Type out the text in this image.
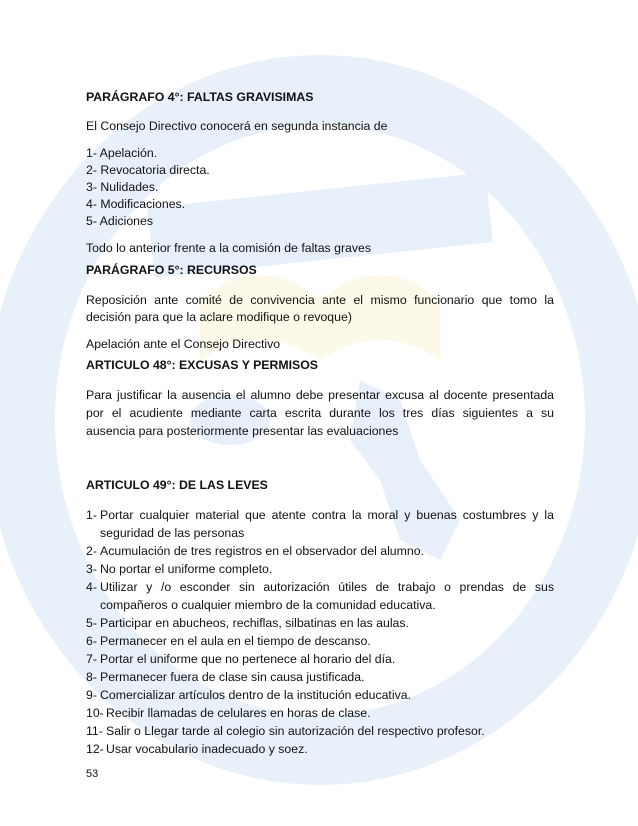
PARÁGRAFO 4°: FALTAS GRAVISIMAS
El Consejo Directivo conocerá en segunda instancia de
1- Apelación.
2- Revocatoria directa.
3- Nulidades.
4- Modificaciones.
5- Adiciones
Todo lo anterior frente a la comisión de faltas graves
PARÁGRAFO 5°: RECURSOS
Reposición ante comité de convivencia ante el mismo funcionario que tomo la
decisión para que la aclare modifique o revoque)
Apelación ante el Consejo Directivo
ARTICULO 48°: EXCUSAS Y PERMISOS
Para justificar la ausencia el alumno debe presentar excusa al docente presentada
por el acudiente mediante carta escrita durante los tres días siguientes a su
ausencia para posteriormente presentar las evaluaciones
ARTICULO 49°: DE LAS LEVES
1- Portar cualquier material que atente contra la moral y buenas costumbres y la
seguridad de las personas
2- Acumulación de tres registros en el observador del alumno.
3- No portar el uniforme completo.
4- Utilizar y /o esconder sin autorización útiles de trabajo o prendas de sus
compañeros o cualquier miembro de la comunidad educativa.
5- Participar en abucheos, rechiflas, silbatinas en las aulas.
6- Permanecer en el aula en el tiempo de descanso.
7- Portar el uniforme que no pertenece al horario del día.
8- Permanecer fuera de clase sin causa justificada.
9- Comercializar artículos dentro de la institución educativa.
10- Recibir llamadas de celulares en horas de clase.
11- Salir o Llegar tarde al colegio sin autorización del respectivo profesor.
12- Usar vocabulario inadecuado y soez.
53
